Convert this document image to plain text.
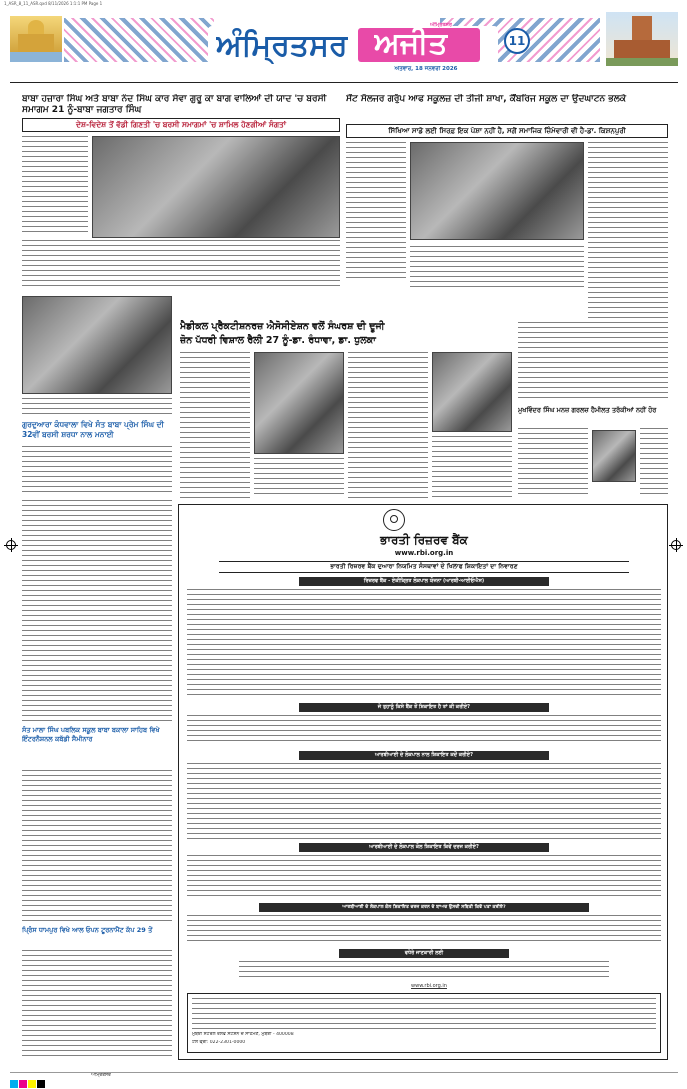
1_ASR_8_11_ASR.qxd 8/11/2026 1:1:1 PM Page 1
ਅੰਮ੍ਰਿਤਸਰ ਅਜੀਤ
ਅੰਮ੍ਰਿਤਸਰ
ਐਤਵਾਰ, 18 ਜਨਵਰੀ 2026
11
ਬਾਬਾ ਹਜ਼ਾਰਾ ਸਿੰਘ ਅਤੇ ਬਾਬਾ ਨੰਦ ਸਿੰਘ ਕਾਰ ਸੇਵਾ ਗੁਰੂ ਕਾ ਬਾਗ ਵਾਲਿਆਂ ਦੀ ਯਾਦ 'ਚ ਬਰਸੀ ਸਮਾਗਮ 21 ਨੂੰ-ਬਾਬਾ ਜਗਤਾਰ ਸਿੰਘ
ਦੇਸ਼-ਵਿਦੇਸ਼ ਤੋਂ ਵੱਡੀ ਗਿਣਤੀ 'ਚ ਬਰਸੀ ਸਮਾਗਮਾਂ 'ਚ ਸ਼ਾਮਿਲ ਹੋਣਗੀਆਂ ਸੰਗਤਾਂ
ਸੇਂਟ ਸੋਲਜਰ ਗਰੁੱਪ ਆਫ ਸਕੂਲਜ਼ ਦੀ ਤੀਜੀ ਸ਼ਾਖਾ, ਕੈਂਬਰਿਜ ਸਕੂਲ ਦਾ ਉਦਘਾਟਨ ਭਲਕੇ
ਸਿੱਖਿਆ ਸਾਡੇ ਲਈ ਸਿਰਫ਼ ਇਕ ਪੇਸ਼ਾ ਨਹੀਂ ਹੈ, ਸਗੋਂ ਸਮਾਜਿਕ ਜ਼ਿੰਮੇਵਾਰੀ ਵੀ ਹੈ-ਡਾ. ਕਿਸ਼ਨਪੁਰੀ
ਗੁਰਦੁਆਰਾ ਕੰਧਵਾਲਾ ਵਿਖੇ ਸੰਤ ਬਾਬਾ ਪ੍ਰੇਮ ਸਿੰਘ ਦੀ 32ਵੀਂ ਬਰਸੀ ਸ਼ਰਧਾ ਨਾਲ ਮਨਾਈ
ਮੈਡੀਕਲ ਪ੍ਰੈਕਟੀਸ਼ਨਰਜ਼ ਐਸੋਸੀਏਸ਼ਨ ਵਲੋਂ ਸੰਘਰਸ਼ ਦੀ ਦੂਜੀ
ਜ਼ੋਨ ਪੱਧਰੀ ਵਿਸ਼ਾਲ ਰੈਲੀ 27 ਨੂੰ-ਡਾ. ਰੰਧਾਵਾ, ਡਾ. ਧੁਲਕਾ
ਮੁਖਵਿੰਦਰ ਸਿੰਘ ਮਨਜ਼ ਗਰਲਜ਼ ਹੈਮੀਲਤ ਤਰੱਕੀਆਂ ਨਹੀਂ ਹੋਰ
ਸੰਤ ਮਾਲਾ ਸਿੰਘ ਪਬਲਿਕ ਸਕੂਲ ਬਾਬਾ ਬਕਾਲਾ ਸਾਹਿਬ ਵਿਖੇ ਇੰਟਰਨੈਸ਼ਨਲ ਕਬੱਡੀ ਸੈਮੀਨਾਰ
ਪ੍ਰਿੰਸ ਧਾਮਪੁਰ ਵਿਖੇ ਆਲ ਓਪਨ ਟੂਰਨਾਮੈਂਟ ਕੱਪ 29 ਤੋਂ
ਭਾਰਤੀ ਰਿਜ਼ਰਵ ਬੈਂਕ
www.rbi.org.in
ਭਾਰਤੀ ਰਿਜ਼ਰਵ ਬੈਂਕ ਦੁਆਰਾ ਨਿਯਮਿਤ ਸੰਸਥਾਵਾਂ ਦੇ ਖਿਲਾਫ ਸ਼ਿਕਾਇਤਾਂ ਦਾ ਨਿਵਾਰਣ
ਰਿਜ਼ਰਵ ਬੈਂਕ - ਏਕੀਕ੍ਰਿਤ ਲੋਕਪਾਲ ਯੋਜਨਾ (ਆਰਬੀ-ਆਈਓਐਸ)
ਜੇ ਤੁਹਾਨੂੰ ਕਿਸੇ ਬੈਂਕ ਤੋਂ ਸ਼ਿਕਾਇਤ ਹੈ ਤਾਂ ਕੀ ਕਰੀਏ?
ਆਰਬੀਆਈ ਦੇ ਲੋਕਪਾਲ ਨਾਲ ਸ਼ਿਕਾਇਤ ਕਦੋਂ ਕਰੀਏ?
ਆਰਬੀਆਈ ਦੇ ਲੋਕਪਾਲ ਕੋਲ ਸ਼ਿਕਾਇਤ ਕਿਵੇਂ ਦਰਜ ਕਰੀਏ?
ਆਰਬੀਆਈ ਦੇ ਲੋਕਪਾਲ ਕੋਲ ਸ਼ਿਕਾਇਤ ਦਰਜ ਕਰਨ ਦੇ ਬਾਅਦ ਉਸਦੀ ਸਥਿਤੀ ਕਿਵੇਂ ਪਤਾ ਕਰੀਏ?
ਵਧੇਰੇ ਜਾਣਕਾਰੀ ਲਈ
www.rbi.org.in
ਮੁੰਬਈ ਸੈਂਟਰਲ ਰੇਲਵੇ ਸਟੇਸ਼ਨ ਦੇ ਸਾਹਮਣੇ, ਮੁੰਬਈ - 400008
ਟੋਲ ਫ੍ਰੀ: 022-2301-0000
ਅੰਮ੍ਰਿਤਸਰ
